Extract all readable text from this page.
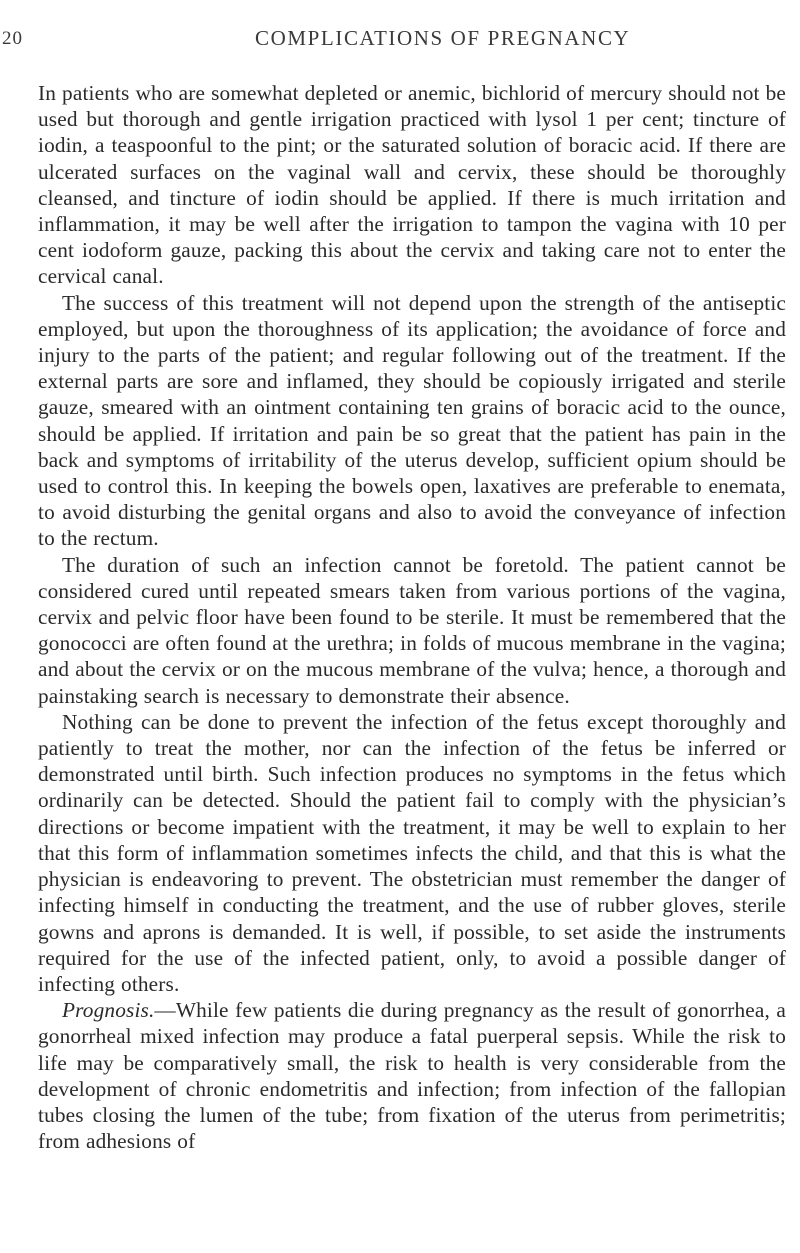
20	COMPLICATIONS OF PREGNANCY

In patients who are somewhat depleted or anemic, bichlorid of mercury should not be used but thorough and gentle irrigation practiced with lysol 1 per cent; tincture of iodin, a teaspoonful to the pint; or the saturated solution of boracic acid. If there are ulcerated surfaces on the vaginal wall and cervix, these should be thoroughly cleansed, and tincture of iodin should be applied. If there is much irritation and inflammation, it may be well after the irrigation to tampon the vagina with 10 per cent iodoform gauze, packing this about the cervix and taking care not to enter the cervical canal.

The success of this treatment will not depend upon the strength of the antiseptic employed, but upon the thoroughness of its application; the avoidance of force and injury to the parts of the patient; and regular following out of the treatment. If the external parts are sore and inflamed, they should be copiously irrigated and sterile gauze, smeared with an ointment containing ten grains of boracic acid to the ounce, should be applied. If irritation and pain be so great that the patient has pain in the back and symptoms of irritability of the uterus develop, sufficient opium should be used to control this. In keeping the bowels open, laxatives are preferable to enemata, to avoid disturbing the genital organs and also to avoid the conveyance of infection to the rectum.

The duration of such an infection cannot be foretold. The patient cannot be considered cured until repeated smears taken from various portions of the vagina, cervix and pelvic floor have been found to be sterile. It must be remembered that the gonococci are often found at the urethra; in folds of mucous membrane in the vagina; and about the cervix or on the mucous membrane of the vulva; hence, a thorough and painstaking search is necessary to demonstrate their absence.

Nothing can be done to prevent the infection of the fetus except thoroughly and patiently to treat the mother, nor can the infection of the fetus be inferred or demonstrated until birth. Such infection produces no symptoms in the fetus which ordinarily can be detected. Should the patient fail to comply with the physician’s directions or become impatient with the treatment, it may be well to explain to her that this form of inflammation sometimes infects the child, and that this is what the physician is endeavoring to prevent. The obstetrician must remember the danger of infecting himself in conducting the treatment, and the use of rubber gloves, sterile gowns and aprons is demanded. It is well, if possible, to set aside the instruments required for the use of the infected patient, only, to avoid a possible danger of infecting others.

Prognosis.—While few patients die during pregnancy as the result of gonorrhea, a gonorrheal mixed infection may produce a fatal puerperal sepsis. While the risk to life may be comparatively small, the risk to health is very considerable from the development of chronic endometritis and infection; from infection of the fallopian tubes closing the lumen of the tube; from fixation of the uterus from perimetritis; from adhesions of
